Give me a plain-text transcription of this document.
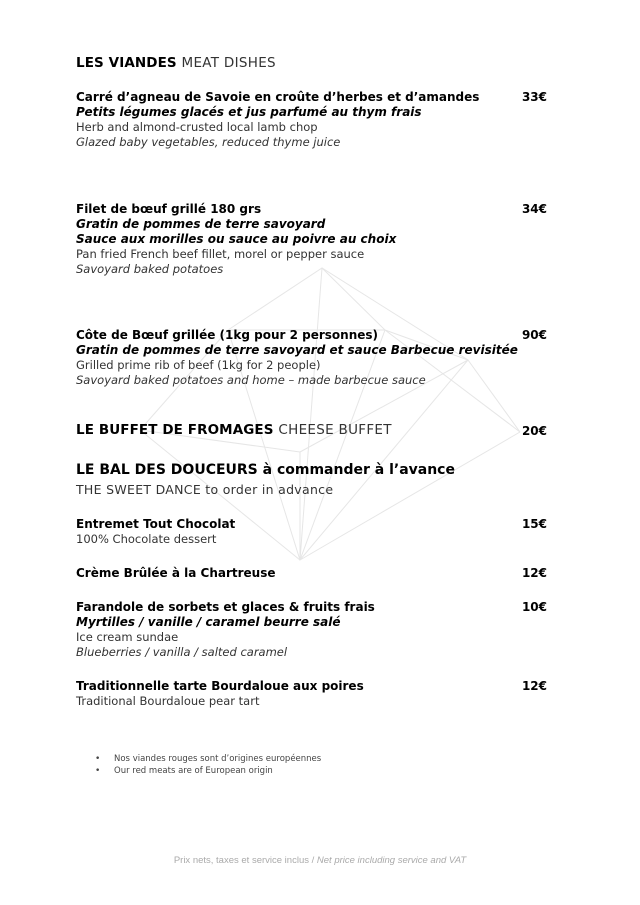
LES VIANDES MEAT DISHES
Carré d’agneau de Savoie en croûte d’herbes et d’amandes
Petits légumes glacés et jus parfumé au thym frais
Herb and almond-crusted local lamb chop
Glazed baby vegetables, reduced thyme juice
33€
Filet de bœuf grillé 180 grs
Gratin de pommes de terre savoyard
Sauce aux morilles ou sauce au poivre au choix
Pan fried French beef fillet, morel or pepper sauce
Savoyard baked potatoes
34€
Côte de Bœuf grillée (1kg pour 2 personnes)
Gratin de pommes de terre savoyard et sauce Barbecue revisitée
Grilled prime rib of beef (1kg for 2 people)
Savoyard baked potatoes and home – made barbecue sauce
90€
LE BUFFET DE FROMAGES CHEESE BUFFET	20€
LE BAL DES DOUCEURS à commander à l’avance
THE SWEET DANCE to order in advance
Entremet Tout Chocolat
100% Chocolate dessert
15€
Crème Brûlée à la Chartreuse	12€
Farandole de sorbets et glaces & fruits frais
Myrtilles / vanille / caramel beurre salé
Ice cream sundae
Blueberries / vanilla / salted caramel
10€
Traditionnelle tarte Bourdaloue aux poires
Traditional Bourdaloue pear tart
12€
• Nos viandes rouges sont d’origines européennes
• Our red meats are of European origin
Prix nets, taxes et service inclus / Net price including service and VAT
